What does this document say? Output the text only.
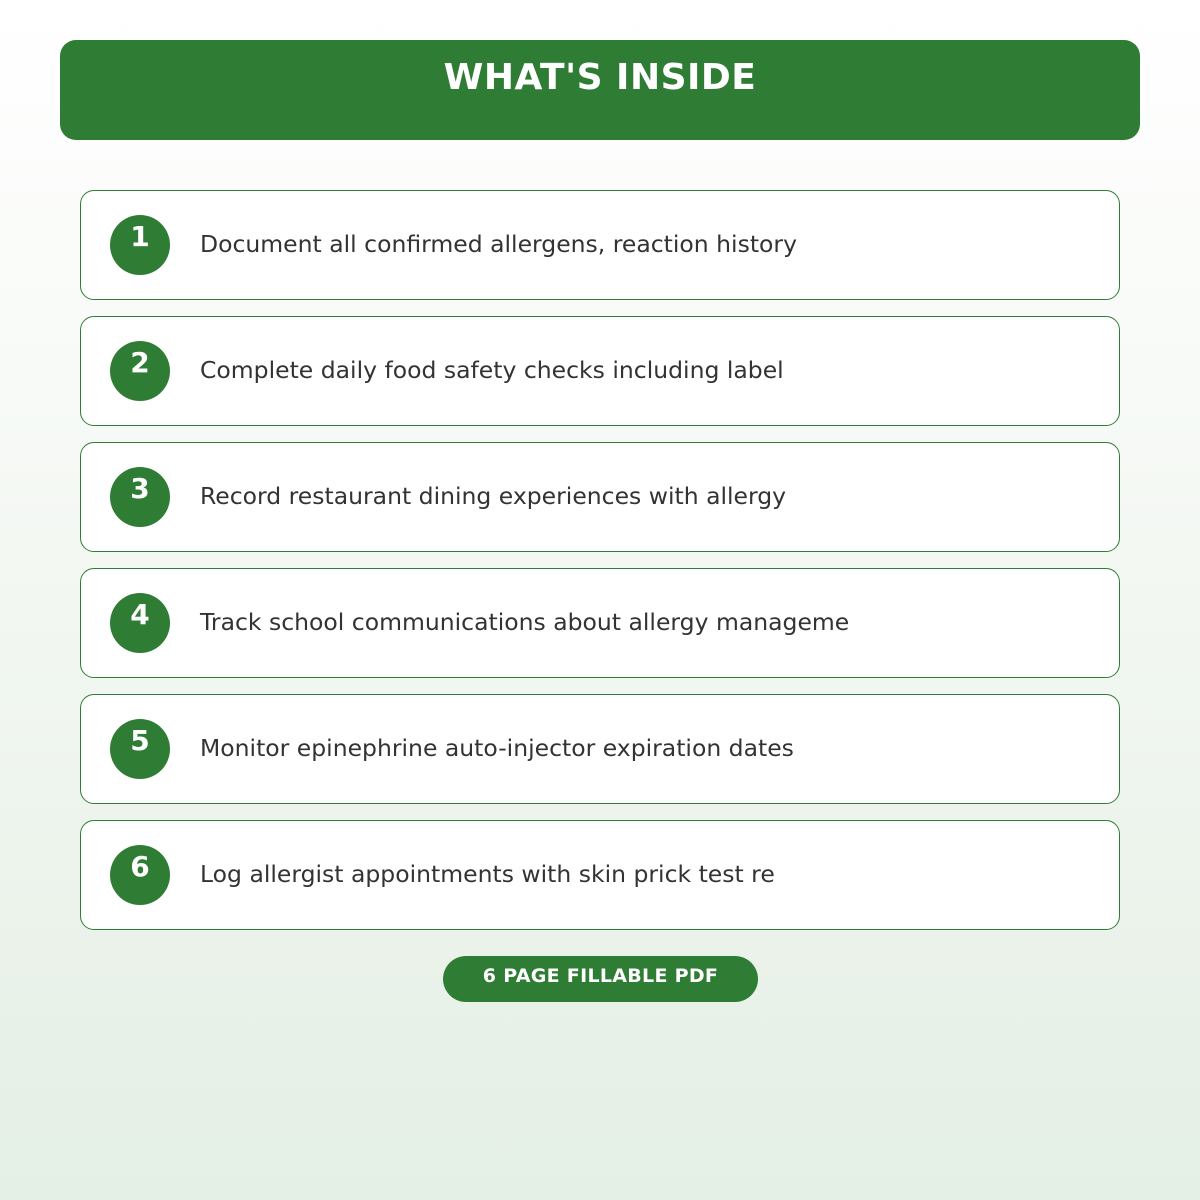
WHAT'S INSIDE
1	Document all confirmed allergens, reaction history
2	Complete daily food safety checks including label
3	Record restaurant dining experiences with allergy
4	Track school communications about allergy manageme
5	Monitor epinephrine auto-injector expiration dates
6	Log allergist appointments with skin prick test re
6 PAGE FILLABLE PDF
